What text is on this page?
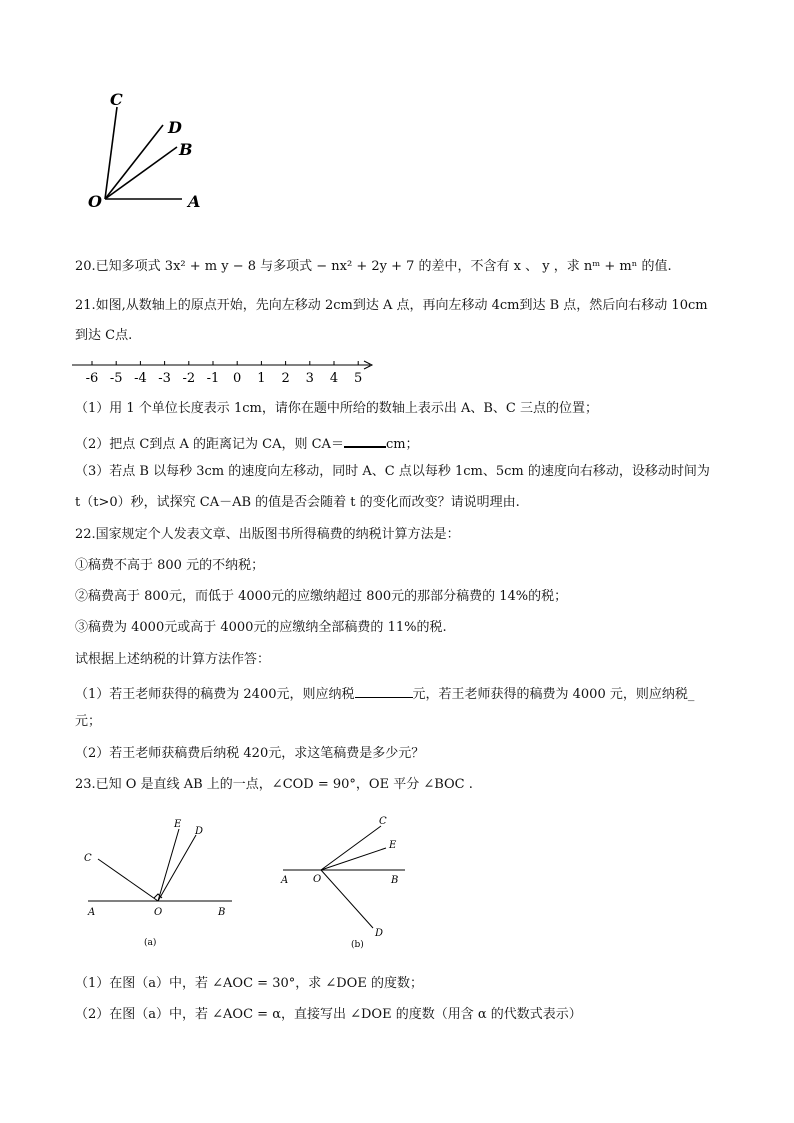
C
D
B
O	A
20.已知多项式 3x² + m y − 8 与多项式 − nx² + 2y + 7 的差中，不含有 x 、 y ，求 nᵐ + mⁿ 的值.
21.如图,从数轴上的原点开始，先向左移动 2cm到达 A 点，再向左移动 4cm到达 B 点，然后向右移动 10cm
到达 C点.
-6 -5 -4 -3 -2 -1 0 1 2 3 4 5
（1）用 1 个单位长度表示 1cm，请你在题中所给的数轴上表示出 A、B、C 三点的位置；
（2）把点 C到点 A 的距离记为 CA，则 CA＝	cm；
（3）若点 B 以每秒 3cm 的速度向左移动，同时 A、C 点以每秒 1cm、5cm 的速度向右移动，设移动时间为
t（t>0）秒，试探究 CA－AB 的值是否会随着 t 的变化而改变？请说明理由.
22.国家规定个人发表文章、出版图书所得稿费的纳税计算方法是：
①稿费不高于 800 元的不纳税；
②稿费高于 800元，而低于 4000元的应缴纳超过 800元的那部分稿费的 14%的税；
③稿费为 4000元或高于 4000元的应缴纳全部稿费的 11%的税.
试根据上述纳税的计算方法作答：
（1）若王老师获得的稿费为 2400元，则应纳税	元，若王老师获得的稿费为 4000 元，则应纳税_
元；
（2）若王老师获稿费后纳税 420元，求这笔稿费是多少元？
23.已知 O 是直线 AB 上的一点，∠COD = 90°，OE 平分 ∠BOC .
C
E
D
A	O	B
(a)
C
E
A O	B
D
(b)
（1）在图（a）中，若 ∠AOC = 30°，求 ∠DOE 的度数；
（2）在图（a）中，若 ∠AOC = α，直接写出 ∠DOE 的度数（用含 α 的代数式表示）
